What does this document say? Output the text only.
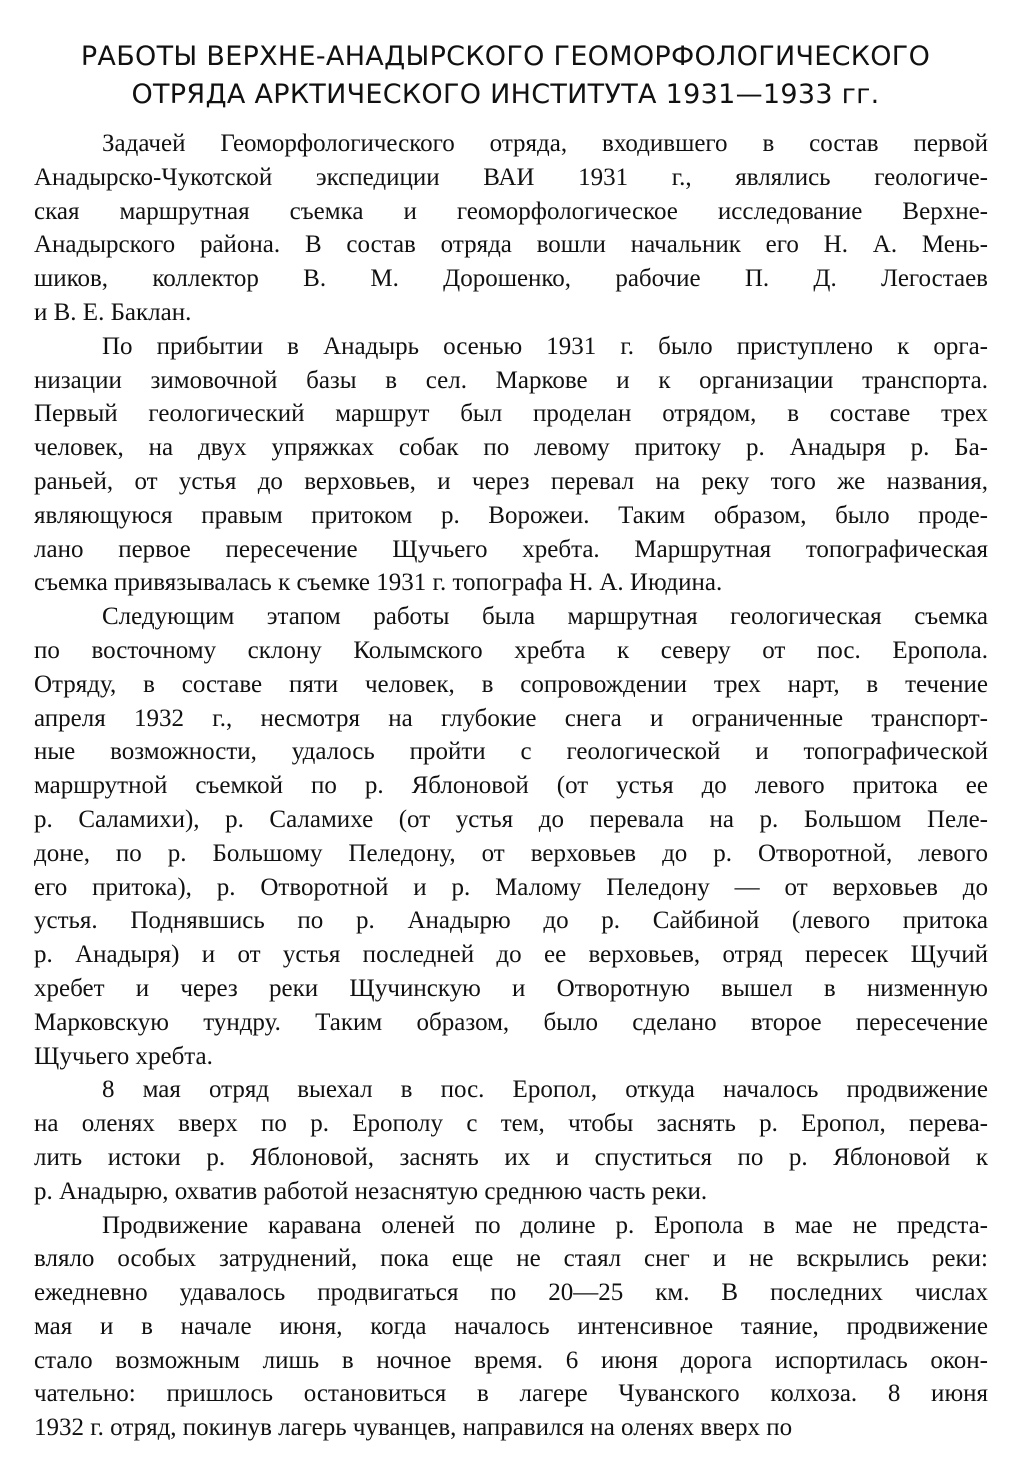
РАБОТЫ ВЕРХНЕ-АНАДЫРСКОГО ГЕОМОРФОЛОГИЧЕСКОГО
ОТРЯДА АРКТИЧЕСКОГО ИНСТИТУТА 1931—1933 гг.
Задачей Геоморфологического отряда, входившего в состав первой
Анадырско-Чукотской экспедиции ВАИ 1931 г., являлись геологиче-
ская маршрутная съемка и геоморфологическое исследование Верхне-
Анадырского района. В состав отряда вошли начальник его Н. А. Мень-
шиков, коллектор В. М. Дорошенко, рабочие П. Д. Легостаев
и В. Е. Баклан.
По прибытии в Анадырь осенью 1931 г. было приступлено к орга-
низации зимовочной базы в сел. Маркове и к организации транспорта.
Первый геологический маршрут был проделан отрядом, в составе трех
человек, на двух упряжках собак по левому притоку р. Анадыря р. Ба-
раньей, от устья до верховьев, и через перевал на реку того же названия,
являющуюся правым притоком р. Ворожеи. Таким образом, было проде-
лано первое пересечение Щучьего хребта. Маршрутная топографическая
съемка привязывалась к съемке 1931 г. топографа Н. А. Июдина.
Следующим этапом работы была маршрутная геологическая съемка
по восточному склону Колымского хребта к северу от пос. Еропола.
Отряду, в составе пяти человек, в сопровождении трех нарт, в течение
апреля 1932 г., несмотря на глубокие снега и ограниченные транспорт-
ные возможности, удалось пройти с геологической и топографической
маршрутной съемкой по р. Яблоновой (от устья до левого притока ее
р. Саламихи), р. Саламихе (от устья до перевала на р. Большом Пеле-
доне, по р. Большому Пеледону, от верховьев до р. Отворотной, левого
его притока), р. Отворотной и р. Малому Пеледону — от верховьев до
устья. Поднявшись по р. Анадырю до р. Сайбиной (левого притока
р. Анадыря) и от устья последней до ее верховьев, отряд пересек Щучий
хребет и через реки Щучинскую и Отворотную вышел в низменную
Марковскую тундру. Таким образом, было сделано второе пересечение
Щучьего хребта.
8 мая отряд выехал в пос. Еропол, откуда началось продвижение
на оленях вверх по р. Ерополу с тем, чтобы заснять р. Еропол, перева-
лить истоки р. Яблоновой, заснять их и спуститься по р. Яблоновой к
р. Анадырю, охватив работой незаснятую среднюю часть реки.
Продвижение каравана оленей по долине р. Еропола в мае не предста-
вляло особых затруднений, пока еще не стаял снег и не вскрылись реки:
ежедневно удавалось продвигаться по 20—25 км. В последних числах
мая и в начале июня, когда началось интенсивное таяние, продвижение
стало возможным лишь в ночное время. 6 июня дорога испортилась окон-
чательно: пришлось остановиться в лагере Чуванского колхоза. 8 июня
1932 г. отряд, покинув лагерь чуванцев, направился на оленях вверх по
